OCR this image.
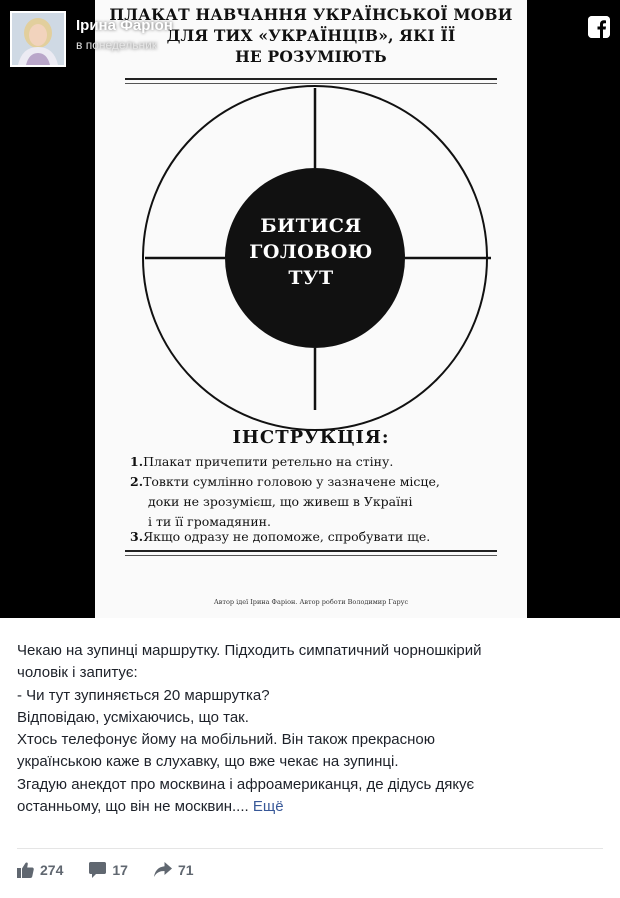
ПЛАКАТ НАВЧАННЯ УКРАЇНСЬКОЇ МОВИ
ДЛЯ ТИХ «УКРАЇНЦІВ», ЯКІ ЇЇ
НЕ РОЗУМІЮТЬ
БИТИСЯ
ГОЛОВОЮ
ТУТ
ІНСТРУКЦІЯ:
1.Плакат причепити ретельно на стіну.
2.Товкти сумлінно головою у зазначене місце,
доки не зрозумієш, що живеш в Україні
і ти її громадянин.
3.Якщо одразу не допоможе, спробувати ще.
Автор ідеї Ірина Фаріон. Автор роботи Володимир Гарус
Ірина Фаріон
в понедельник

Чекаю на зупинці маршрутку. Підходить симпатичний чорношкірий

чоловік і запитує:

- Чи тут зупиняється 20 маршрутка?

Відповідаю, усміхаючись, що так.

Хтось телефонує йому на мобільний. Він також прекрасною

українською каже в слухавку, що вже чекає на зупинці.

Згадую анекдот про москвина і афроамериканця, де дідусь дякує

останньому, що він не москвин.... Ещё

274	17	71
